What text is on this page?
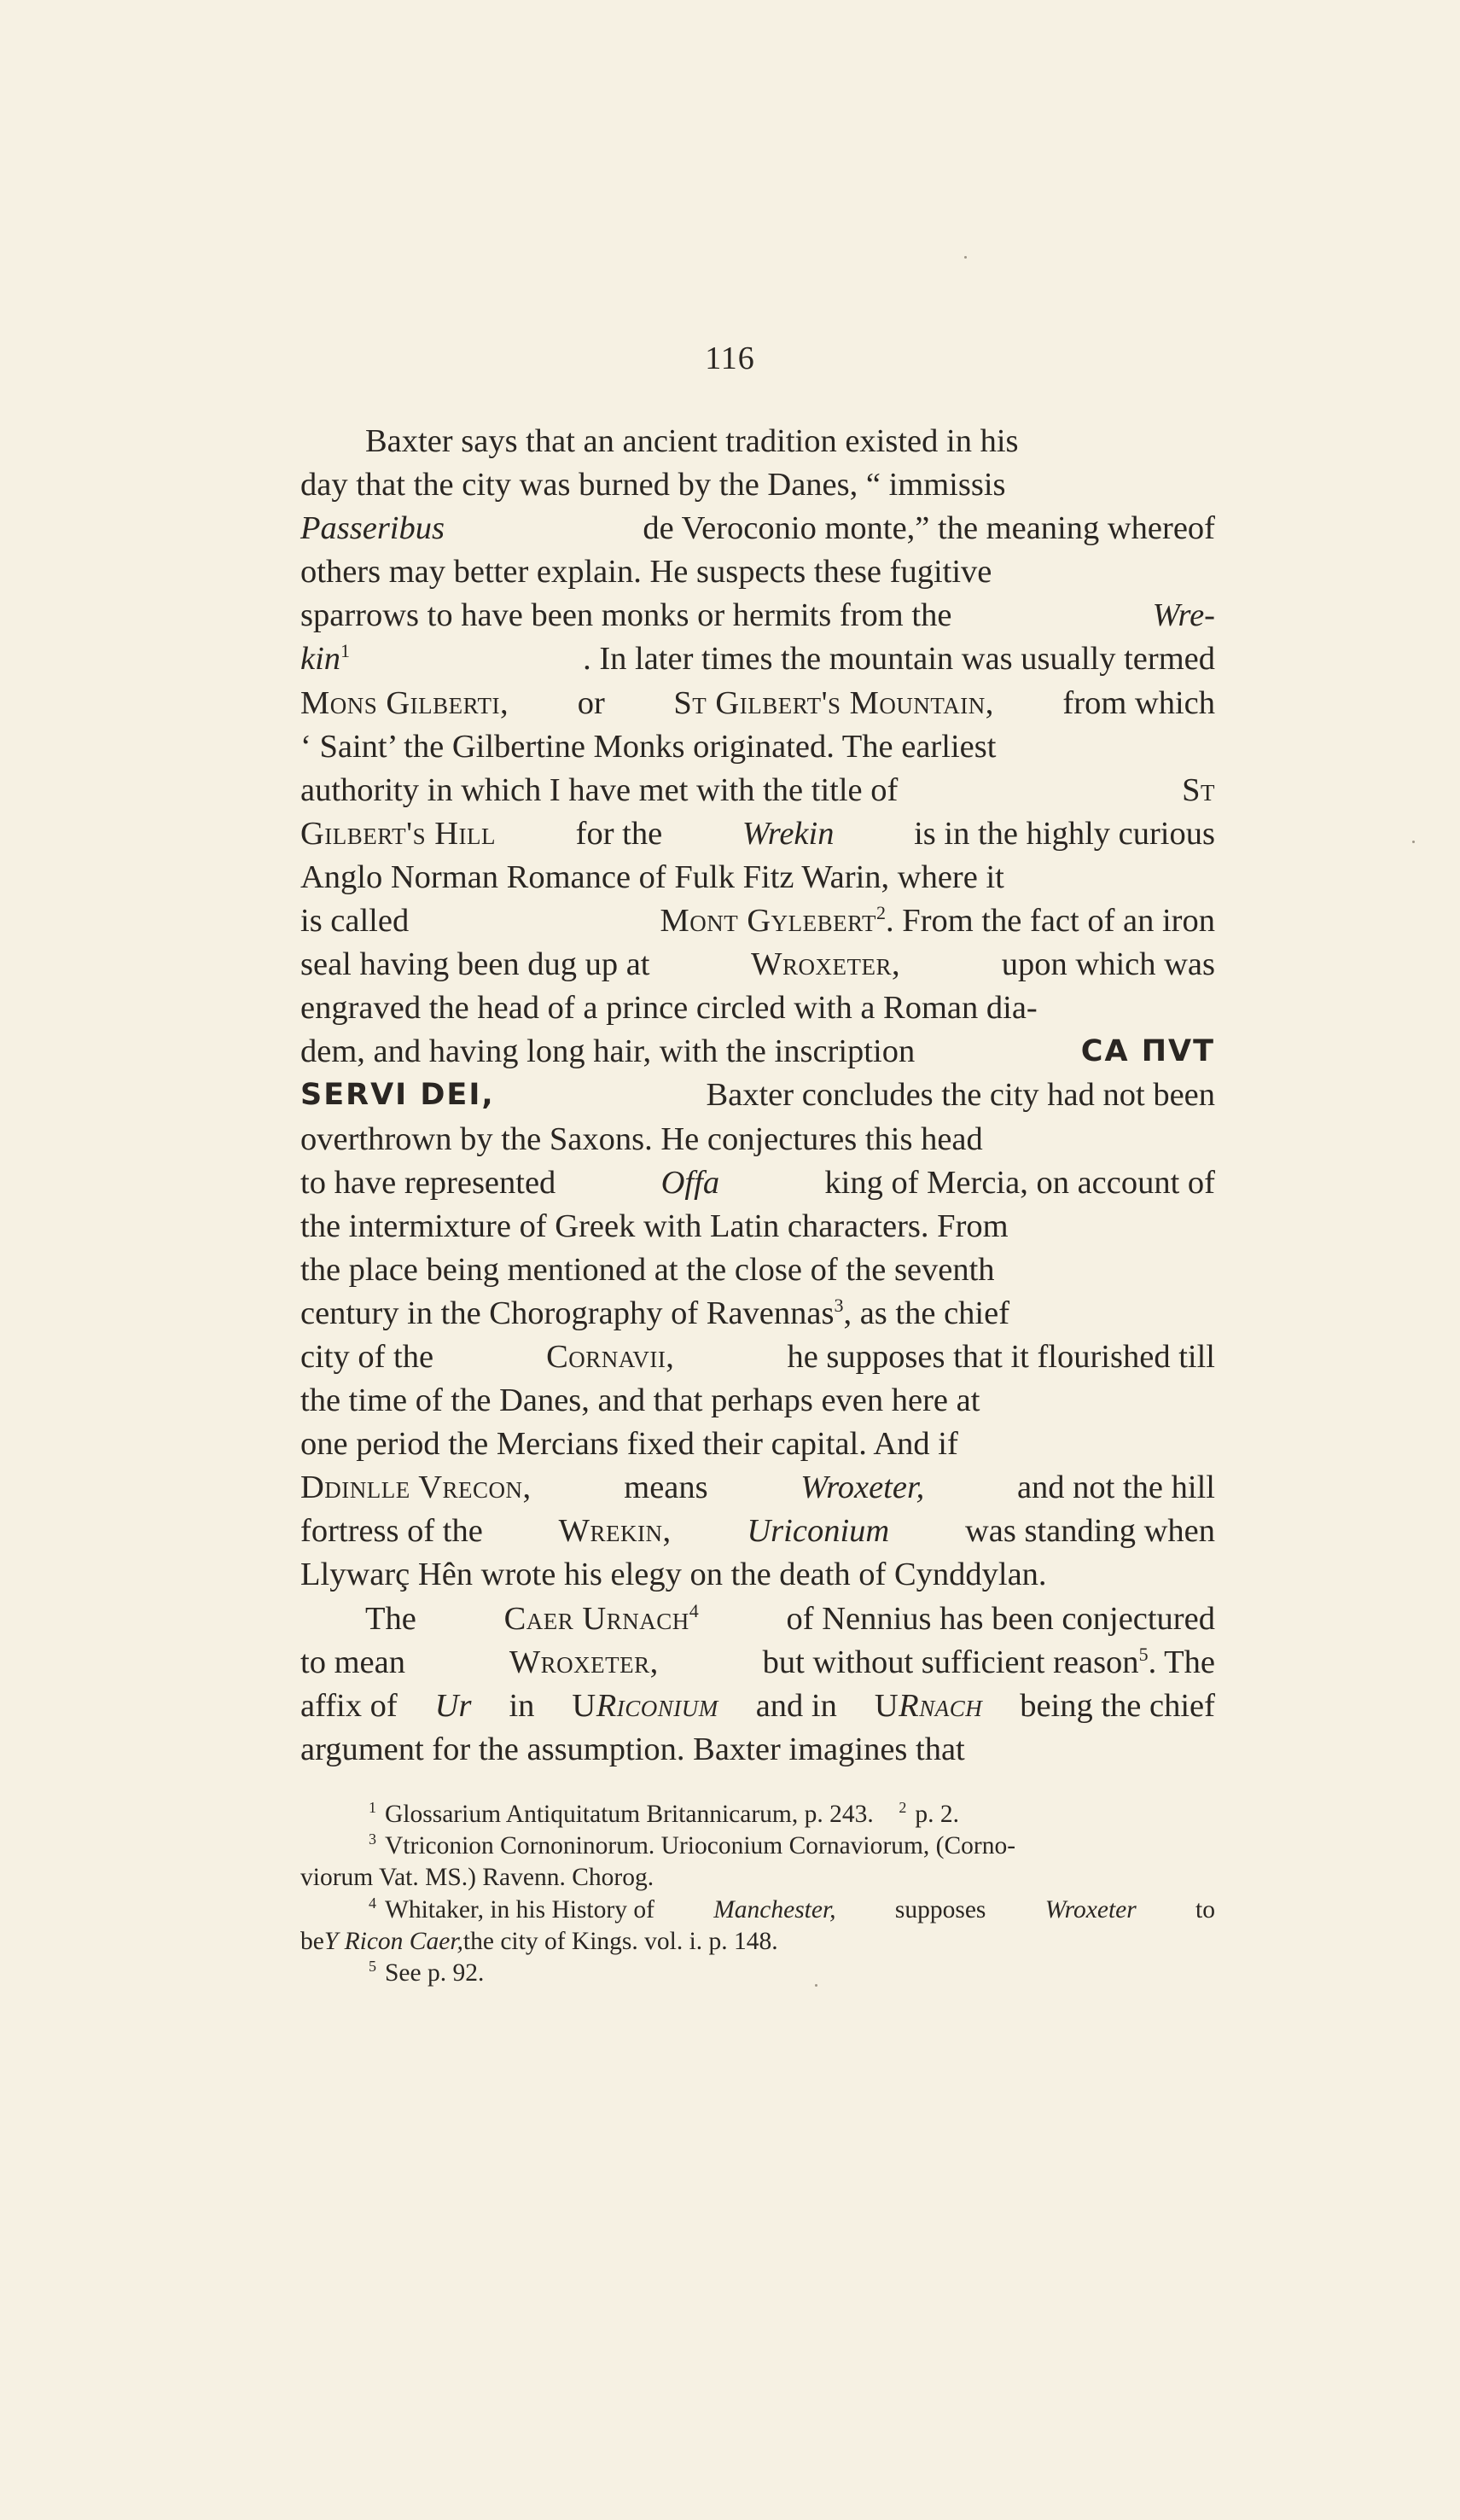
116
Baxter says that an ancient tradition existed in his
day that the city was burned by the Danes, “ immissis
Passeribus	de Veroconio monte,” the meaning whereof
others may better explain. He suspects these fugitive
sparrows to have been monks or hermits from the	Wre-
kin$^1$	. In later times the mountain was usually termed
Mons Gilberti, or St Gilbert's Mountain, from which
‘ Saint’ the Gilbertine Monks originated. The earliest
authority in which I have met with the title of	St
Gilbert's Hill for the Wrekin is in the highly curious
Anglo Norman Romance of Fulk Fitz Warin, where it
is called	Mont Gylebert$^2$. From the fact of an iron
seal having been dug up at	Wroxeter,	upon which was
engraved the head of a prince circled with a Roman dia-
dem, and having long hair, with the inscription	CA ΠVT
SERVI DEI,	Baxter concludes the city had not been
overthrown by the Saxons. He conjectures this head
to have represented	Offa	king of Mercia, on account of
the intermixture of Greek with Latin characters. From
the place being mentioned at the close of the seventh
century in the Chorography of Ravennas$^3$, as the chief
city of the	Cornavii,	he supposes that it flourished till
the time of the Danes, and that perhaps even here at
one period the Mercians fixed their capital. And if
Ddinlle Vrecon,	means	Wroxeter,	and not the hill
fortress of the Wrekin, Uriconium was standing when
Llywarç Hên wrote his elegy on the death of Cynddylan.
The	Caer Urnach$^4$	of Nennius has been conjectured
to mean	Wroxeter,	but without sufficient reason$^5$. The
affix of Ur in URiconium and in URnach being the chief
argument for the assumption. Baxter imagines that
$^1$ Glossarium Antiquitatum Britannicarum, p. 243. $^2$ p. 2.
$^3$ Vtriconion Cornoninorum. Urioconium Cornaviorum, (Corno-
viorum Vat. MS.) Ravenn. Chorog.
$^4$ Whitaker, in his History of Manchester, supposes Wroxeter to
be Y Ricon Caer, the city of Kings. vol. i. p. 148.
$^5$ See p. 92.
